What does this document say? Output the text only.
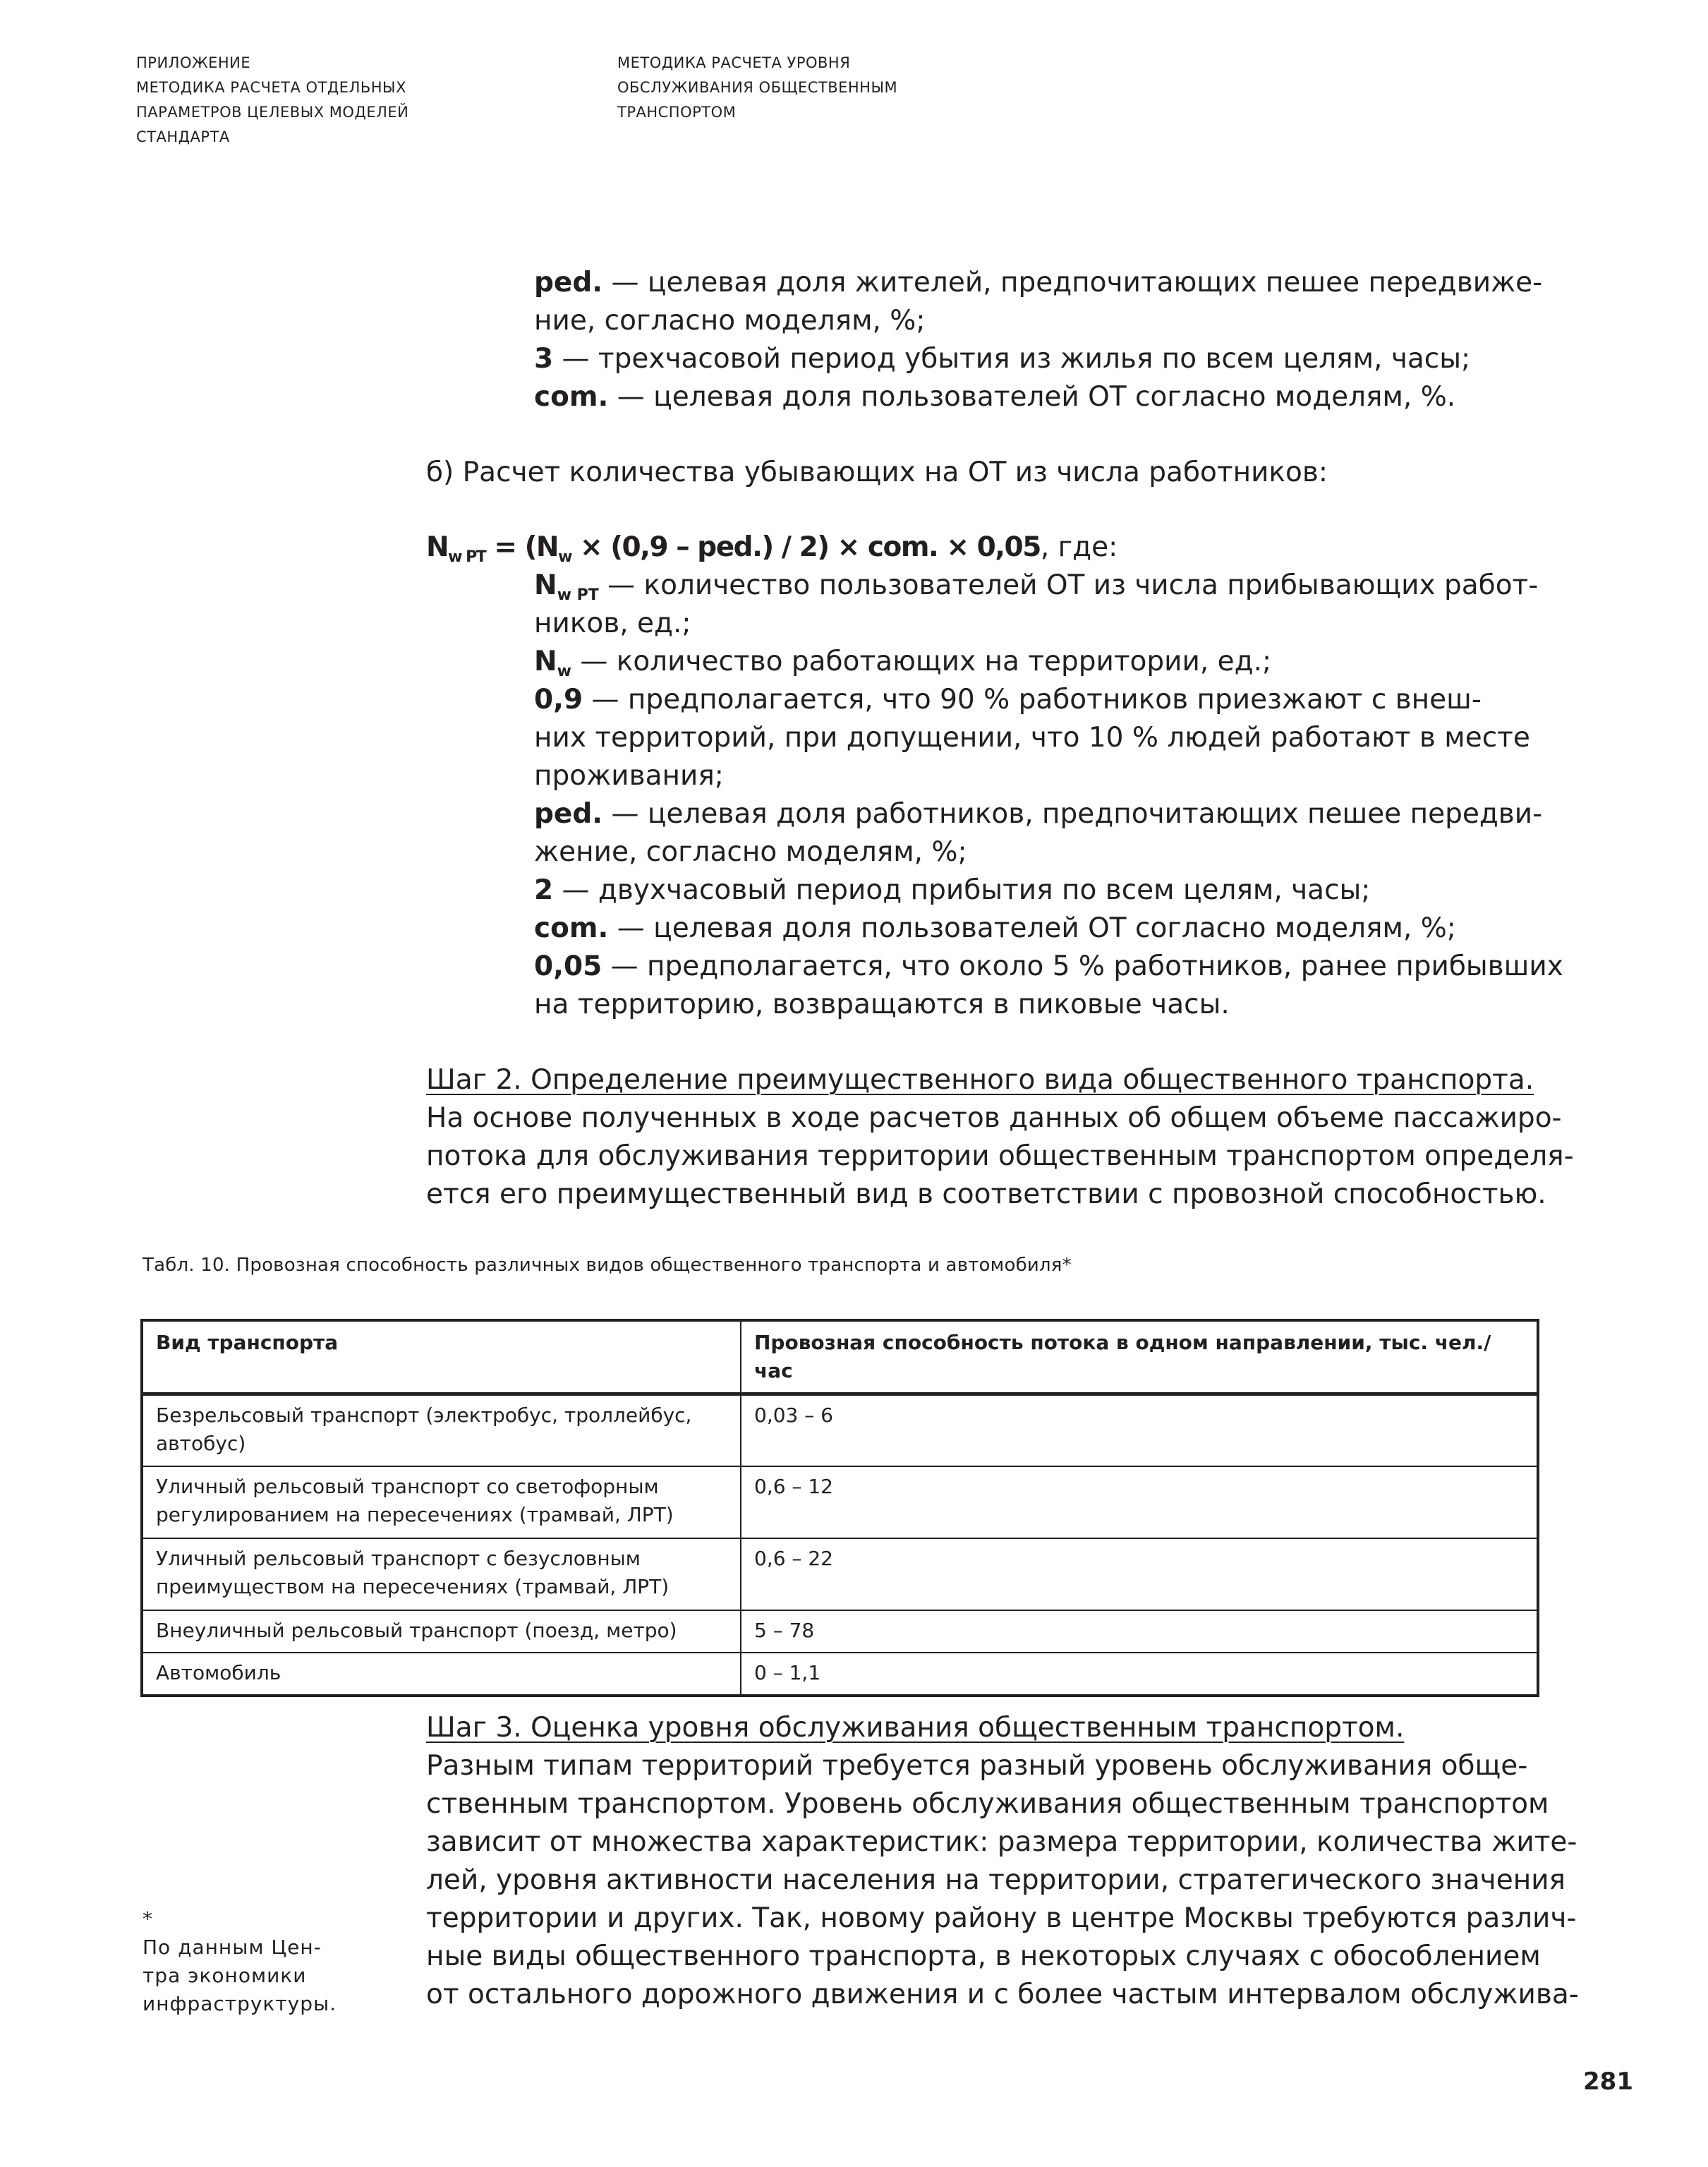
ПРИЛОЖЕНИЕ
МЕТОДИКА РАСЧЕТА ОТДЕЛЬНЫХ
ПАРАМЕТРОВ ЦЕЛЕВЫХ МОДЕЛЕЙ
СТАНДАРТА
МЕТОДИКА РАСЧЕТА УРОВНЯ
ОБСЛУЖИВАНИЯ ОБЩЕСТВЕННЫМ
ТРАНСПОРТОМ
ped. — целевая доля жителей, предпочитающих пешее передвиже-
ние, согласно моделям, %;
3 — трехчасовой период убытия из жилья по всем целям, часы;
com. — целевая доля пользователей ОТ согласно моделям, %.
б) Расчет количества убывающих на ОТ из числа работников:
$N_{w PT} = (N_w \times (0,9 - ped.) / 2)$ × com. × 0,05, где:
$N_{w PT}$ — количество пользователей ОТ из числа прибывающих работ-
ников, ед.;
$N_w$ — количество работающих на территории, ед.;
0,9 — предполагается, что 90 % работников приезжают с внеш-
них территорий, при допущении, что 10 % людей работают в месте
проживания;
ped. — целевая доля работников, предпочитающих пешее передви-
жение, согласно моделям, %;
2 — двухчасовый период прибытия по всем целям, часы;
com. — целевая доля пользователей ОТ согласно моделям, %;
0,05 — предполагается, что около 5 % работников, ранее прибывших
на территорию, возвращаются в пиковые часы.
Шаг 2. Определение преимущественного вида общественного транспорта.
На основе полученных в ходе расчетов данных об общем объеме пассажиро-
потока для обслуживания территории общественным транспортом определя-
ется его преимущественный вид в соответствии с провозной способностью.
Табл. 10. Провозная способность различных видов общественного транспорта и автомобиля*
Вид транспорта	Провозная способность потока в одном направлении, тыс. чел./час

Безрельсовый транспорт (электробус, троллейбус,
автобус)	0,03 – 6

Уличный рельсовый транспорт со светофорным
регулированием на пересечениях (трамвай, ЛРТ)	0,6 – 12

Уличный рельсовый транспорт с безусловным
преимуществом на пересечениях (трамвай, ЛРТ)	0,6 – 22

Внеуличный рельсовый транспорт (поезд, метро)	5 – 78

Автомобиль	0 – 1,1
Шаг 3. Оценка уровня обслуживания общественным транспортом.
Разным типам территорий требуется разный уровень обслуживания обще-
ственным транспортом. Уровень обслуживания общественным транспортом
зависит от множества характеристик: размера территории, количества жите-
лей, уровня активности населения на территории, стратегического значения
территории и других. Так, новому району в центре Москвы требуются различ-
ные виды общественного транспорта, в некоторых случаях с обособлением
от остального дорожного движения и с более частым интервалом обслужива-
*
По данным Цен-
тра экономики
инфраструктуры.
281
